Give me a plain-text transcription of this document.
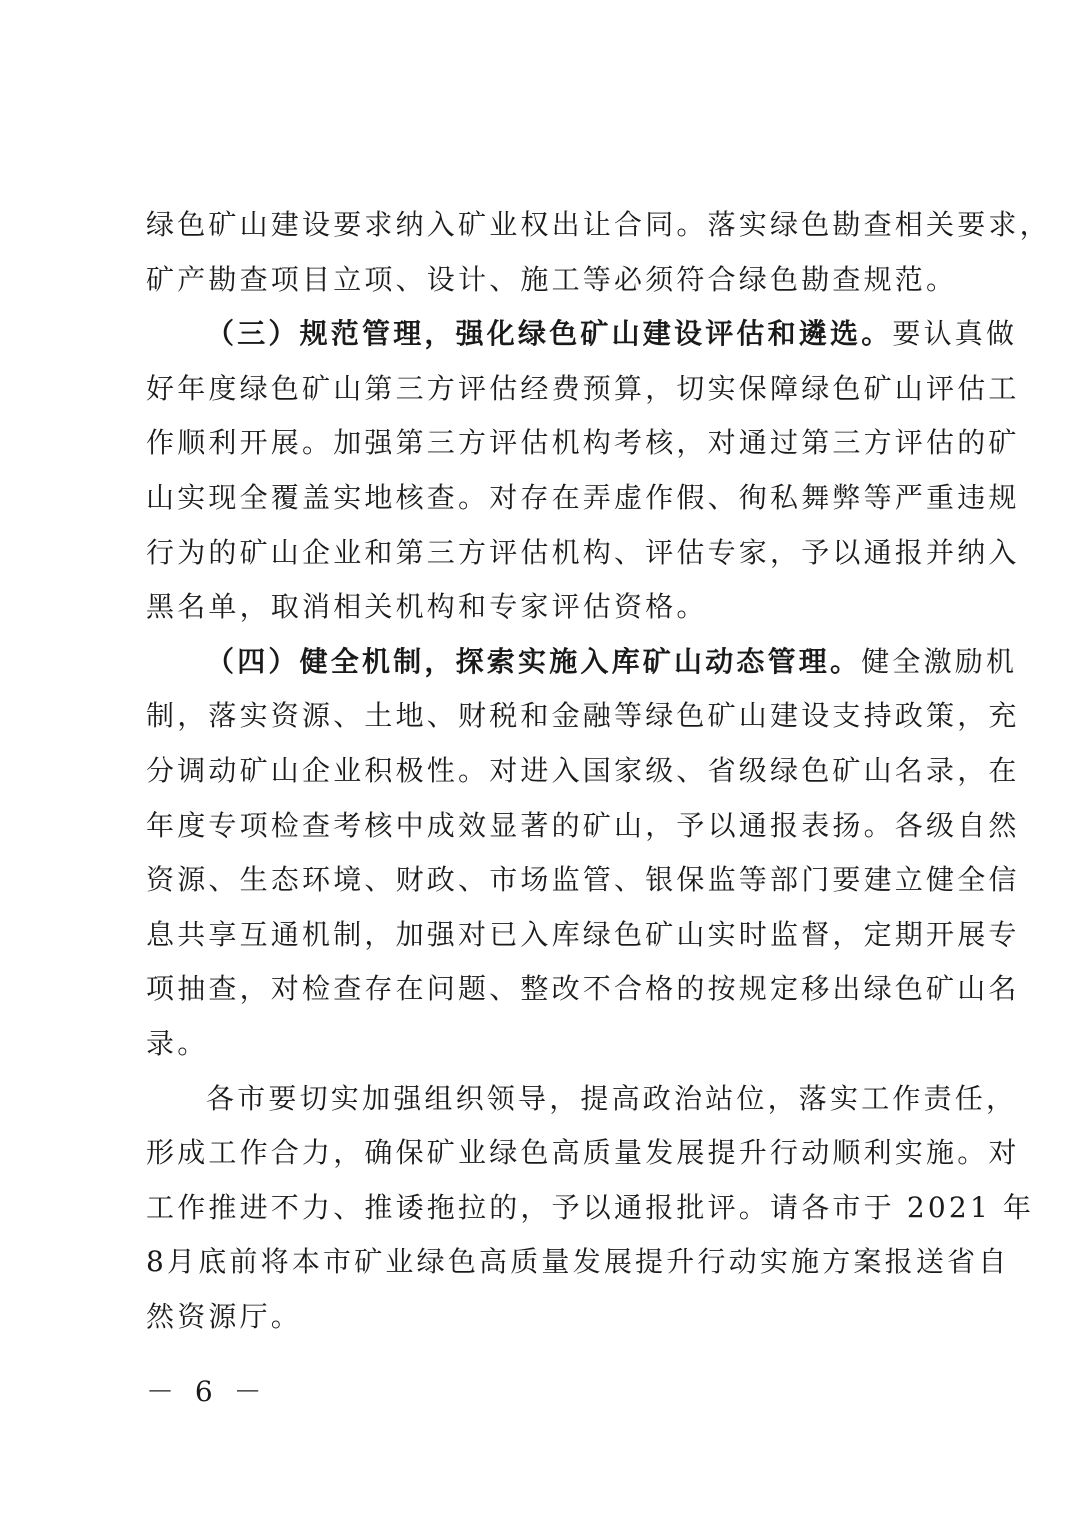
绿色矿山建设要求纳入矿业权出让合同。落实绿色勘查相关要求，
矿产勘查项目立项、设计、施工等必须符合绿色勘查规范。
（三）规范管理，强化绿色矿山建设评估和遴选。要认真做
好年度绿色矿山第三方评估经费预算，切实保障绿色矿山评估工
作顺利开展。加强第三方评估机构考核，对通过第三方评估的矿
山实现全覆盖实地核查。对存在弄虚作假、徇私舞弊等严重违规
行为的矿山企业和第三方评估机构、评估专家，予以通报并纳入
黑名单，取消相关机构和专家评估资格。
（四）健全机制，探索实施入库矿山动态管理。健全激励机
制，落实资源、土地、财税和金融等绿色矿山建设支持政策，充
分调动矿山企业积极性。对进入国家级、省级绿色矿山名录，在
年度专项检查考核中成效显著的矿山，予以通报表扬。各级自然
资源、生态环境、财政、市场监管、银保监等部门要建立健全信
息共享互通机制，加强对已入库绿色矿山实时监督，定期开展专
项抽查，对检查存在问题、整改不合格的按规定移出绿色矿山名
录。
各市要切实加强组织领导，提高政治站位，落实工作责任，
形成工作合力，确保矿业绿色高质量发展提升行动顺利实施。对
工作推进不力、推诿拖拉的，予以通报批评。请各市于 2021 年
8月底前将本市矿业绿色高质量发展提升行动实施方案报送省自
然资源厅。
－ 6 －
